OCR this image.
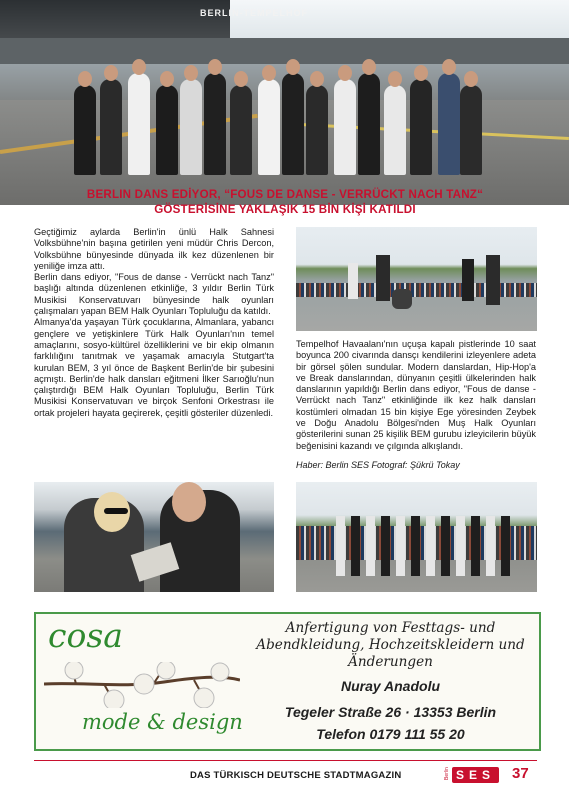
BERLIN-TEMPELHOF
BERLIN DANS EDİYOR, “FOUS DE DANSE - VERRÜCKT NACH TANZ“
GÖSTERİSİNE YAKLAŞIK 15 BİN KİŞİ KATILDI

Geçtiğimiz aylarda Berlin'in ünlü Halk Sahnesi Volksbühne'nin başına getirilen yeni müdür Chris Dercon, Volksbühne bünyesinde dünyada ilk kez düzenlenen bir yeniliğe imza attı.

Berlin dans ediyor, "Fous de danse - Verrückt nach Tanz" başlığı altında düzenlenen etkinliğe, 3 yıldır Berlin Türk Musikisi Konservatuvarı bünyesinde halk oyunları çalışmaları yapan BEM Halk Oyunları Topluluğu da katıldı.

Almanya'da yaşayan Türk çocuklarına, Almanlara, yabancı gençlere ve yetişkinlere Türk Halk Oyunları'nın temel amaçlarını, sosyo-kültürel özelliklerini ve bir ekip olmanın farklılığını tanıtmak ve yaşamak amacıyla Stutgart'ta kurulan BEM, 3 yıl önce de Başkent Berlin'de bir şubesini açmıştı. Berlin'de halk dansları eğitmeni İlker Sarıoğlu'nun çalıştırdığı BEM Halk Oyunları Topluluğu, Berlin Türk Musikisi Konservatuvarı ve birçok Senfoni Orkestrası ile ortak projeleri hayata geçirerek, çeşitli gösteriler düzenledi.

Tempelhof Havaalanı'nın uçuşa kapalı pistlerinde 10 saat boyunca 200 civarında dansçı kendilerini izleyenlere adeta bir görsel şölen sundular. Modern danslardan, Hip-Hop'a ve Break danslarından, dünyanın çeşitli ülkelerinden halk danslarının yapıldığı Berlin dans ediyor, "Fous de danse - Verrückt nach Tanz" etkinliğinde ilk kez halk dansları kostümleri olmadan 15 bin kişiye Ege yöresinden Zeybek ve Doğu Anadolu Bölgesi'nden Muş Halk Oyunları gösterilerini sunan 25 kişilik BEM gurubu izleyicilerin büyük beğenisini kazandı ve çılgında alkışlandı.

Haber: Berlin SES Fotograf: Şükrü Tokay
cosa
mode & design
Anfertigung von Festtags- und Abendkleidung, Hochzeitskleidern und Änderungen
Nuray Anadolu
Tegeler Straße 26 · 13353 Berlin
Telefon 0179 111 55 20
DAS TÜRKISCH DEUTSCHE STADTMAGAZIN	Berlin SES	37
